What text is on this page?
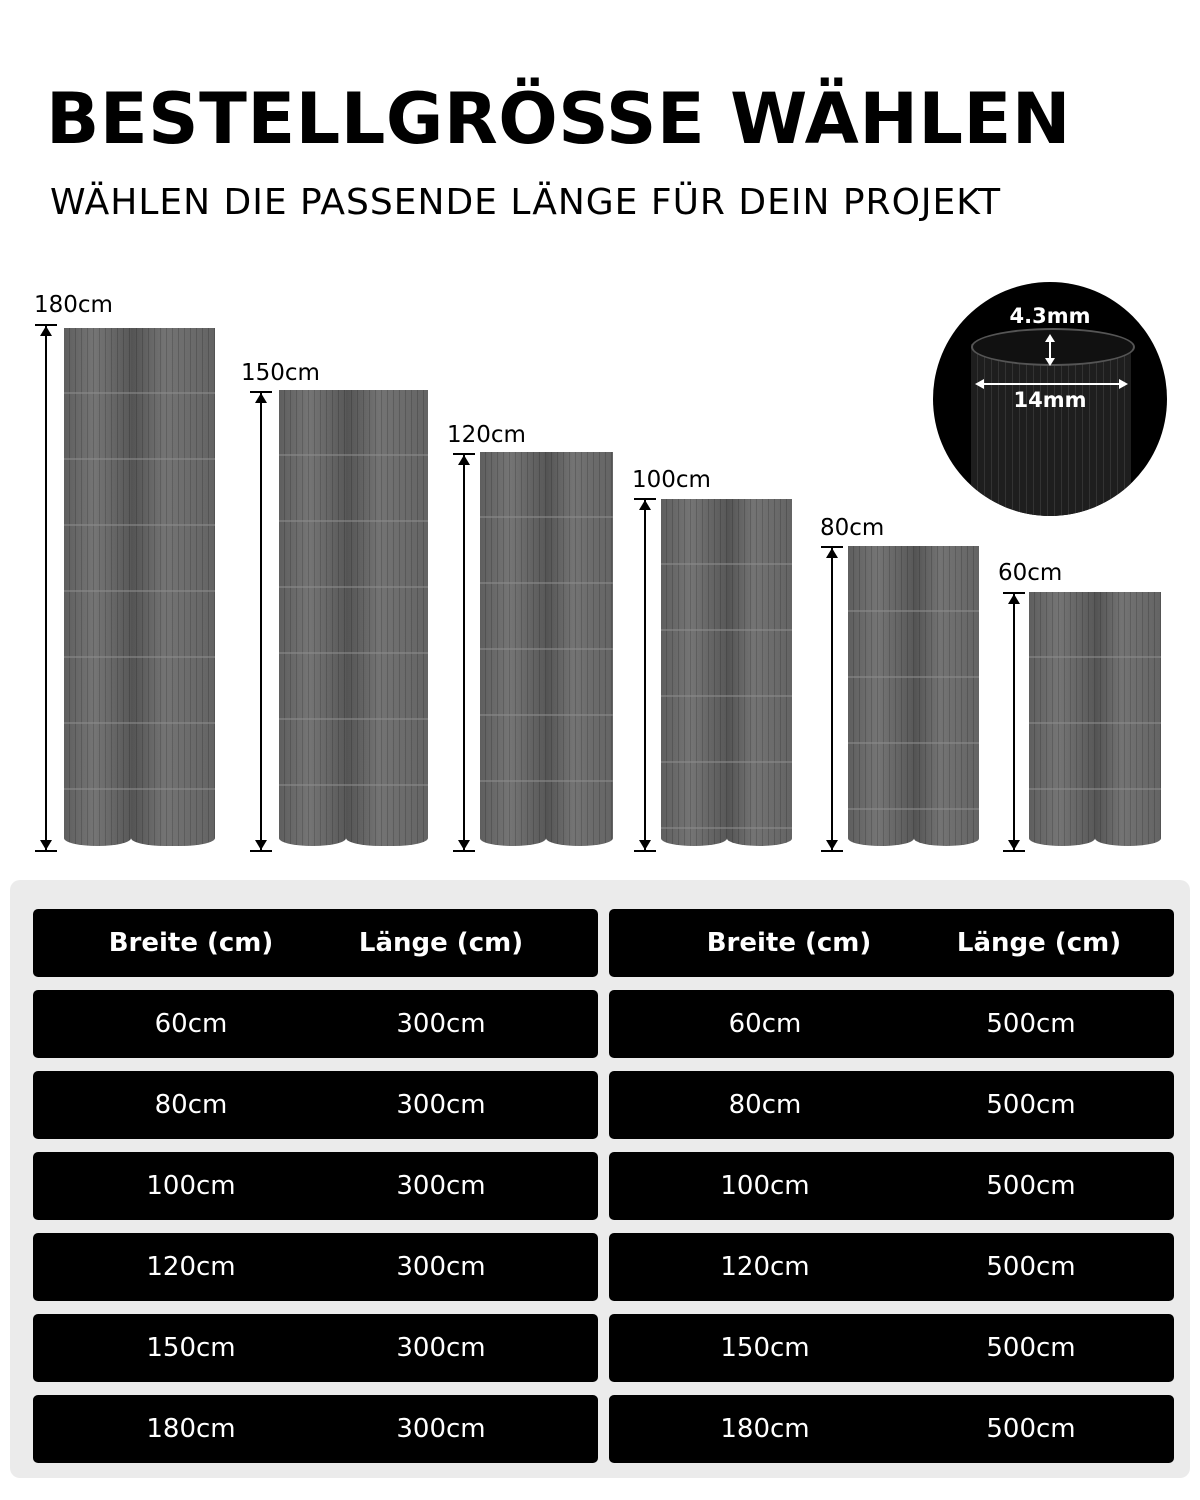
BESTELLGRÖSSE WÄHLEN
WÄHLEN DIE PASSENDE LÄNGE FÜR DEIN PROJEKT
180cm
150cm
120cm
100cm
80cm
60cm
4.3mm
14mm
Breite (cm)	Länge (cm)
60cm	300cm
80cm	300cm
100cm	300cm
120cm	300cm
150cm	300cm
180cm	300cm
Breite (cm)	Länge (cm)
60cm	500cm
80cm	500cm
100cm	500cm
120cm	500cm
150cm	500cm
180cm	500cm
